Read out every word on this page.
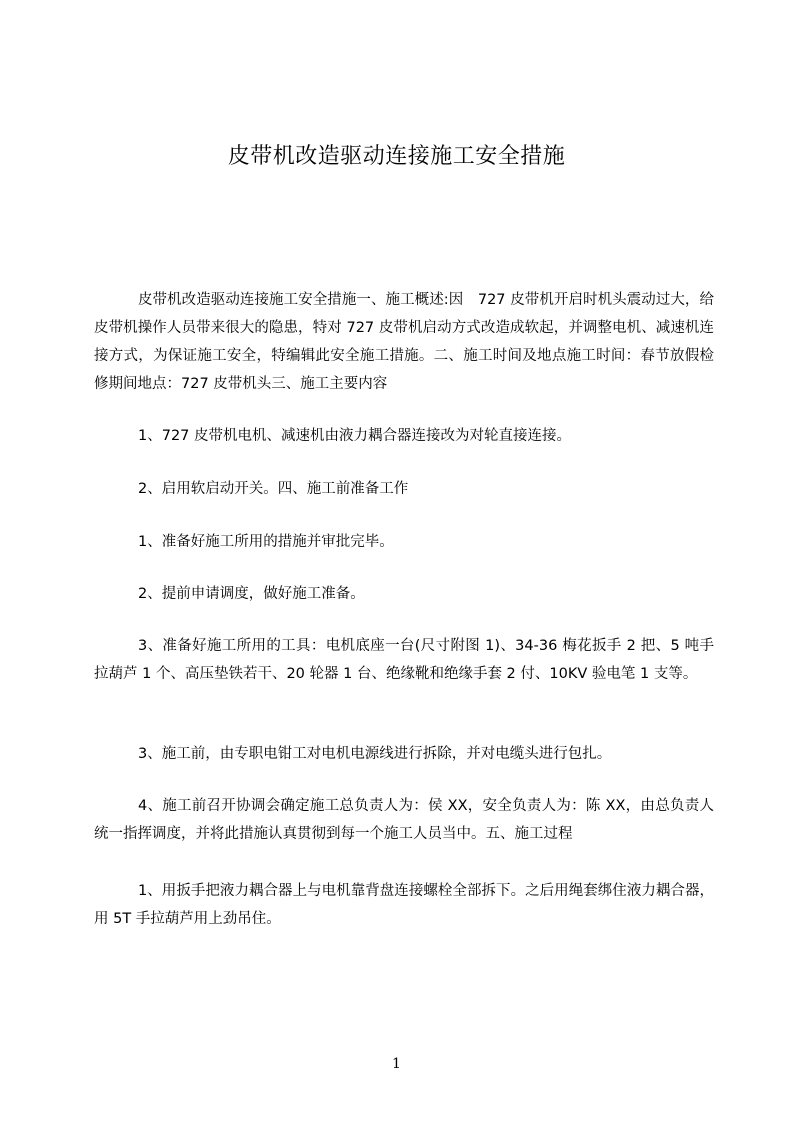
皮带机改造驱动连接施工安全措施
皮带机改造驱动连接施工安全措施一、施工概述:因　727 皮带机开启时机头震动过大，给皮带机操作人员带来很大的隐患，特对 727 皮带机启动方式改造成软起，并调整电机、减速机连接方式，为保证施工安全，特编辑此安全施工措施。二、施工时间及地点施工时间：春节放假检修期间地点：727 皮带机头三、施工主要内容
1、727 皮带机电机、减速机由液力耦合器连接改为对轮直接连接。
2、启用软启动开关。四、施工前准备工作
1、准备好施工所用的措施并审批完毕。
2、提前申请调度，做好施工准备。
3、准备好施工所用的工具：电机底座一台(尺寸附图 1)、34-36 梅花扳手 2 把、5 吨手拉葫芦 1 个、高压垫铁若干、20 轮器 1 台、绝缘靴和绝缘手套 2 付、10KV 验电笔 1 支等。
3、施工前，由专职电钳工对电机电源线进行拆除，并对电缆头进行包扎。
4、施工前召开协调会确定施工总负责人为：侯 XX，安全负责人为：陈 XX，由总负责人统一指挥调度，并将此措施认真贯彻到每一个施工人员当中。五、施工过程
1、用扳手把液力耦合器上与电机靠背盘连接螺栓全部拆下。之后用绳套绑住液力耦合器，用 5T 手拉葫芦用上劲吊住。
1
